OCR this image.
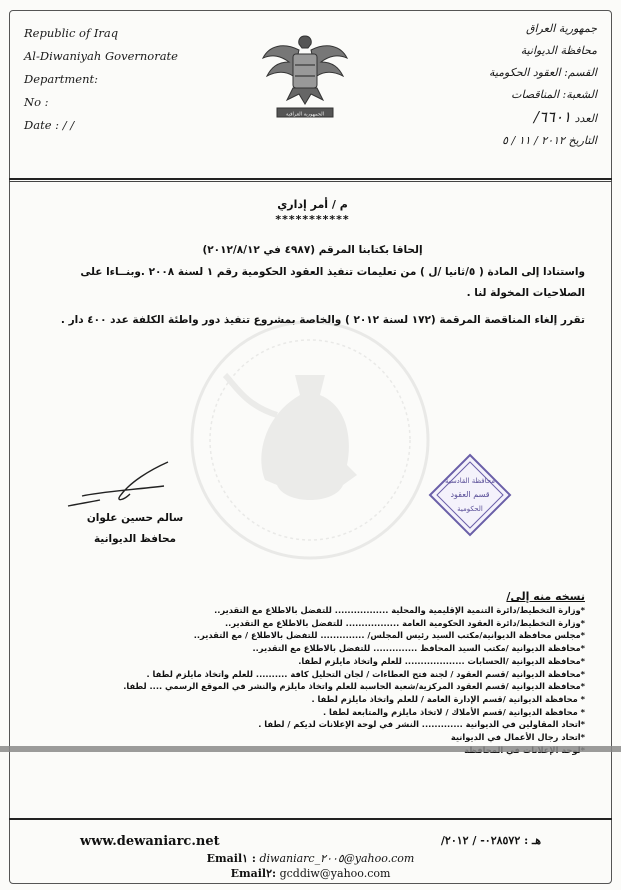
Republic of Iraq
Al-Diwaniyah Governorate
Department:
No :
Date : / /
الجمهورية العراقية
جمهورية العراق
محافظة الديوانية
القسم: العقود الحكومية
الشعبة: المناقصات
العدد ٦٦٠١/
التاريخ ٢٠١٢ / ١١ / ٥
م / أمر إداري
***********
إلحاقا بكتابنا المرقم (٤٩٨٧ في ٢٠١٢/٨/١٢)
واستنادا إلى المادة ( ٥/ثانيا /ل ) من تعليمات تنفيذ العقود الحكومية رقم ١ لسنة ٢٠٠٨ .وبنــاءا على الصلاحيات المخولة لنا .
تقرر إلغاء المناقصة المرقمة (١٧٢ لسنة ٢٠١٢ ) والخاصة بمشروع تنفيذ دور واطئة الكلفة عدد ٤٠٠ دار .
محافظة القادسية
قسم العقود
الحكومية
سالم حسين علوان
محافظ الديوانية
نسخه منه إلى/
*وزارة التخطيط/دائرة التنمية الإقليمية والمحلية ................. للتفضل بالاطلاع مع التقدير..
*وزارة التخطيط/دائرة العقود الحكومية العامة ................. للتفضل بالاطلاع مع التقدير..
*مجلس محافظة الديوانية/مكتب السيد رئيس المجلس/ .............. للتفضل بالاطلاع / مع التقدير..
*محافظة الديوانية /مكتب السيد المحافظ .............. للتفضل بالاطلاع مع التقدير..
*محافظة الديوانية /الحسابات ................... للعلم واتخاذ مايلزم لطفا.
*محافظة الديوانية /قسم العقود / لجنة فتح العطاءات / لجان التحليل كافة .......... للعلم واتخاذ مايلزم لطفا .
*محافظة الديوانية /قسم العقود المركزية/شعبة الحاسبة للعلم واتخاذ مايلزم والنشر في الموقع الرسمي .... لطفا.
* محافظة الديوانية /قسم الإدارة العامة / للعلم واتخاذ مايلزم لطفا .
* محافظة الديوانية /قسم الأملاك / لاتخاذ مايلزم والمتابعة لطفا .
*اتحاد المقاولين في الديوانية ............. النشر في لوحة الإعلانات لديكم / لطفا .
*اتحاد رجال الأعمال في الديوانية
www.dewaniarc.net	هـ : ٠٢٨٥٧٢- / ٢٠١٢/
Email١ : diwaniarc_٢٠٠٥@yahoo.com
Email٢: gcddiw@yahoo.com
